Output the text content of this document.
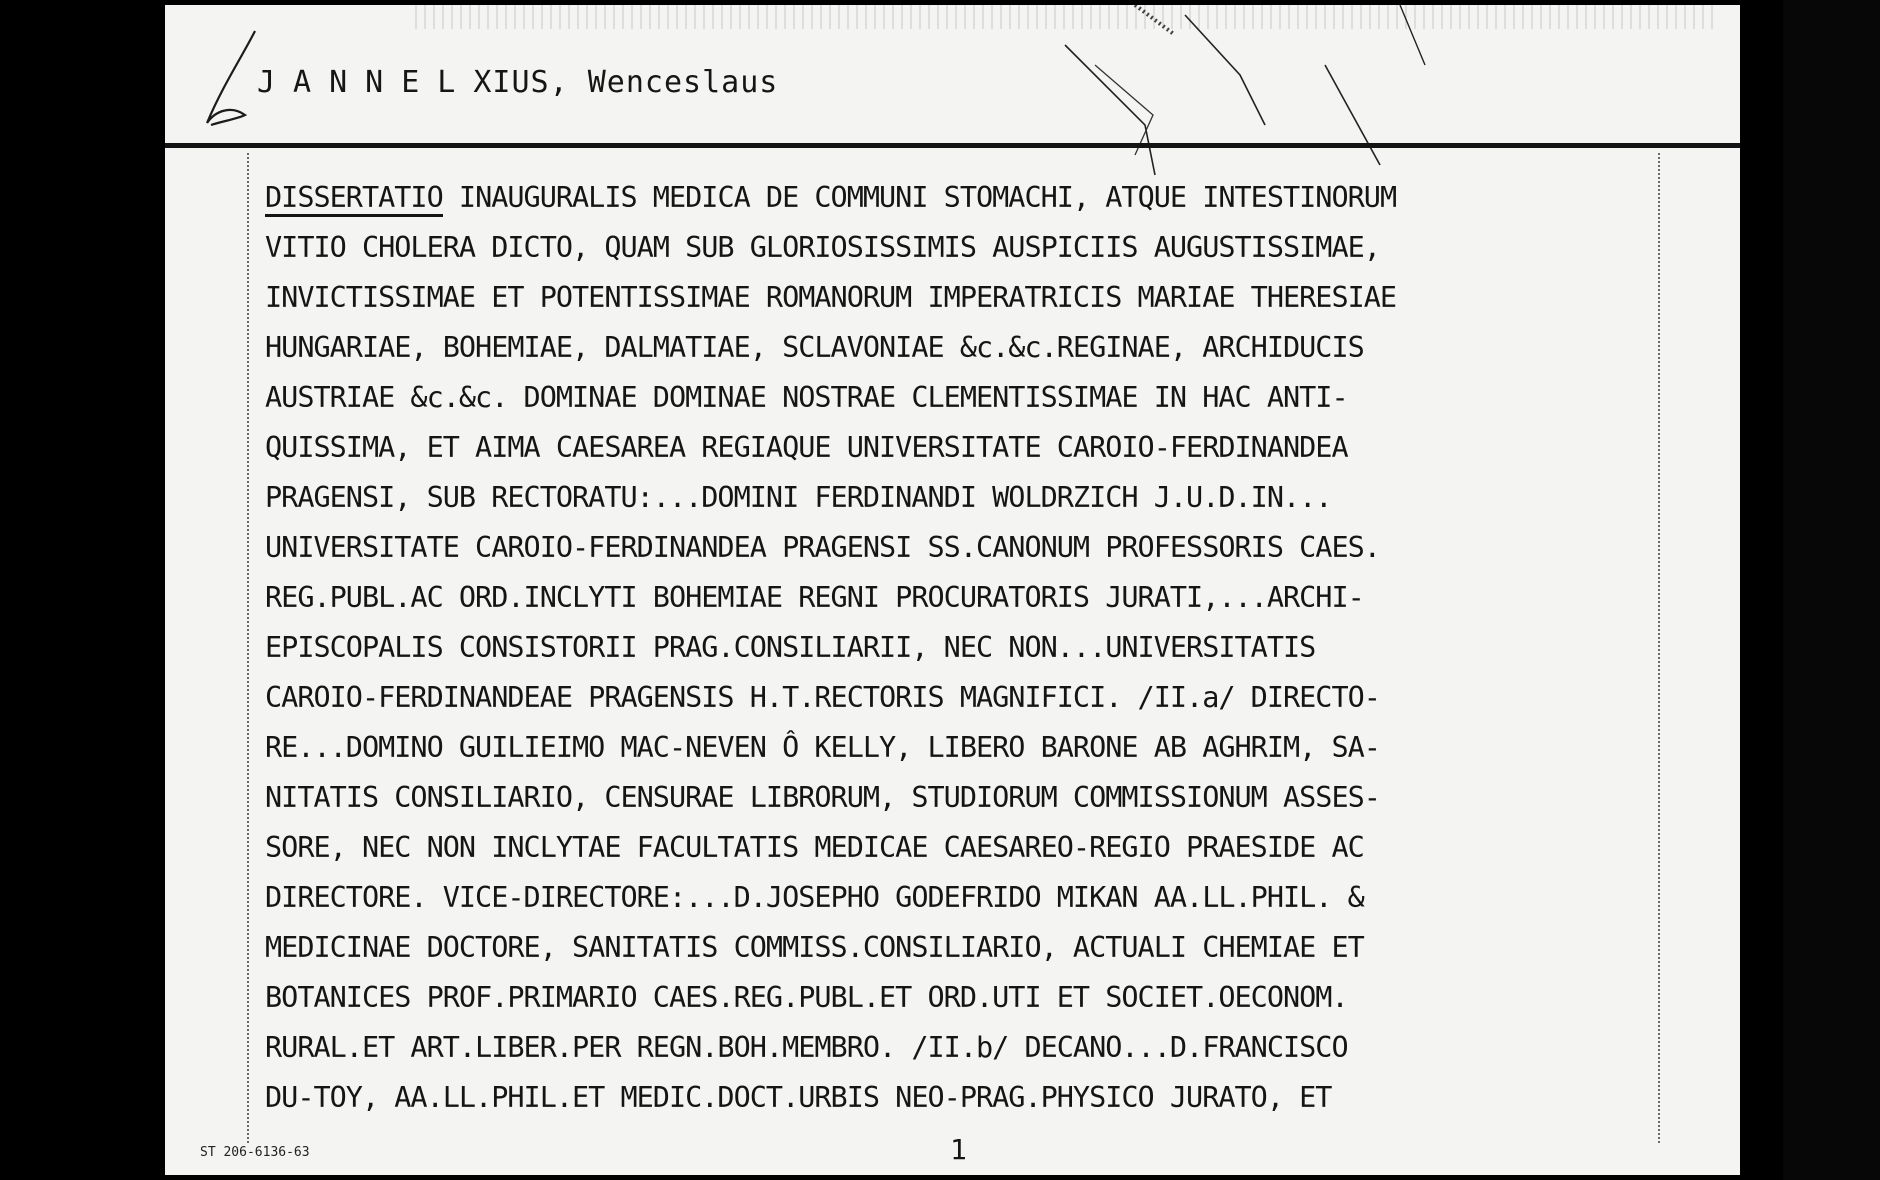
JANNELXIUS, Wenceslaus
DISSERTATIO INAUGURALIS MEDICA DE COMMUNI STOMACHI, ATQUE INTESTINORUM
VITIO CHOLERA DICTO, QUAM SUB GLORIOSISSIMIS AUSPICIIS AUGUSTISSIMAE,
INVICTISSIMAE ET POTENTISSIMAE ROMANORUM IMPERATRICIS MARIAE THERESIAE
HUNGARIAE, BOHEMIAE, DALMATIAE, SCLAVONIAE &c.&c.REGINAE, ARCHIDUCIS
AUSTRIAE &c.&c. DOMINAE DOMINAE NOSTRAE CLEMENTISSIMAE IN HAC ANTI-
QUISSIMA, ET AIMA CAESAREA REGIAQUE UNIVERSITATE CAROIO-FERDINANDEA
PRAGENSI, SUB RECTORATU:...DOMINI FERDINANDI WOLDRZICH J.U.D.IN...
UNIVERSITATE CAROIO-FERDINANDEA PRAGENSI SS.CANONUM PROFESSORIS CAES.
REG.PUBL.AC ORD.INCLYTI BOHEMIAE REGNI PROCURATORIS JURATI,...ARCHI-
EPISCOPALIS CONSISTORII PRAG.CONSILIARII, NEC NON...UNIVERSITATIS
CAROIO-FERDINANDEAE PRAGENSIS H.T.RECTORIS MAGNIFICI. /II.a/ DIRECTO-
RE...DOMINO GUILIEIMO MAC-NEVEN Ô KELLY, LIBERO BARONE AB AGHRIM, SA-
NITATIS CONSILIARIO, CENSURAE LIBRORUM, STUDIORUM COMMISSIONUM ASSES-
SORE, NEC NON INCLYTAE FACULTATIS MEDICAE CAESAREO-REGIO PRAESIDE AC
DIRECTORE. VICE-DIRECTORE:...D.JOSEPHO GODEFRIDO MIKAN AA.LL.PHIL. &
MEDICINAE DOCTORE, SANITATIS COMMISS.CONSILIARIO, ACTUALI CHEMIAE ET
BOTANICES PROF.PRIMARIO CAES.REG.PUBL.ET ORD.UTI ET SOCIET.OECONOM.
RURAL.ET ART.LIBER.PER REGN.BOH.MEMBRO. /II.b/ DECANO...D.FRANCISCO
DU-TOY, AA.LL.PHIL.ET MEDIC.DOCT.URBIS NEO-PRAG.PHYSICO JURATO, ET
ST 206-6136-63	1
